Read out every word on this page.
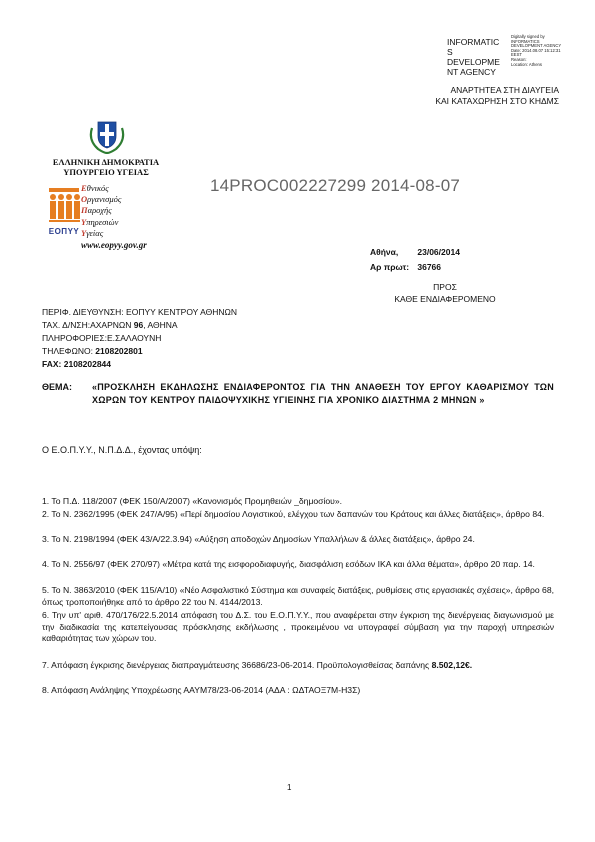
INFORMATIC
S
DEVELOPME
NT AGENCY
Digitally signed by
INFORMATICS
DEVELOPMENT AGENCY
Date: 2014.08.07 15:12:31
EEST
Reason:
Location: Athens
ΑΝΑΡΤΗΤΕΑ ΣΤΗ ΔΙΑΥΓΕΙΑ
ΚΑΙ ΚΑΤΑΧΩΡΗΣΗ ΣΤΟ ΚΗΔΜΣ
ΕΛΛΗΝΙΚΗ ΔΗΜΟΚΡΑΤΙΑ
ΥΠΟΥΡΓΕΙΟ ΥΓΕΙΑΣ
ΕΟΠΥΥ
Εθνικός
Οργανισμός
Παροχής
Υπηρεσιών
Υγείας
www.eopyy.gov.gr
14PROC002227299 2014-08-07
Αθήνα, 23/06/2014
Αρ πρωτ: 36766
ΠΡΟΣ
ΚΑΘΕ ΕΝΔΙΑΦΕΡΟΜΕΝΟ
ΠΕΡΙΦ. ΔΙΕΥΘΥΝΣΗ: ΕΟΠΥΥ ΚΕΝΤΡΟΥ ΑΘΗΝΩΝ
ΤΑΧ. Δ/ΝΣΗ:ΑΧΑΡΝΩΝ 96, ΑΘΗΝΑ
ΠΛΗΡΟΦΟΡΙΕΣ:Ε.ΣΑΛΑΟΥΝΗ
ΤΗΛΕΦΩΝΟ: 2108202801
FAX: 2108202844
ΘΕΜΑ: «ΠΡΟΣΚΛΗΣΗ ΕΚΔΗΛΩΣΗΣ ΕΝΔΙΑΦΕΡΟΝΤΟΣ ΓΙΑ ΤΗΝ ΑΝΑΘΕΣΗ ΤΟΥ ΕΡΓΟΥ ΚΑΘΑΡΙΣΜΟΥ ΤΩΝ ΧΩΡΩΝ ΤΟΥ ΚΕΝΤΡΟΥ ΠΑΙΔΟΨΥΧΙΚΗΣ ΥΓΙΕΙΝΗΣ ΓΙΑ ΧΡΟΝΙΚΟ ΔΙΑΣΤΗΜΑ 2 ΜΗΝΩΝ »
Ο Ε.Ο.Π.Υ.Υ., Ν.Π.Δ.Δ., έχοντας υπόψη:
1. Το Π.Δ. 118/2007 (ΦΕΚ 150/Α/2007) «Κανονισμός Προμηθειών _δημοσίου».
2. Το Ν. 2362/1995 (ΦΕΚ 247/Α/95) «Περί δημοσίου Λογιστικού, ελέγχου των δαπανών του Κράτους και άλλες διατάξεις», άρθρο 84.
3. Το Ν. 2198/1994 (ΦΕΚ 43/Α/22.3.94) «Αύξηση αποδοχών Δημοσίων Υπαλλήλων & άλλες διατάξεις», άρθρο 24.
4. Το Ν. 2556/97 (ΦΕΚ 270/97) «Μέτρα κατά της εισφοροδιαφυγής, διασφάλιση εσόδων ΙΚΑ και άλλα θέματα», άρθρο 20 παρ. 14.
5. Το Ν. 3863/2010 (ΦΕΚ 115/Α/10) «Νέο Ασφαλιστικό Σύστημα και συναφείς διατάξεις, ρυθμίσεις στις εργασιακές σχέσεις», άρθρο 68, όπως τροποποιήθηκε από το άρθρο 22 του Ν. 4144/2013.
6. Την υπ' αριθ. 470/176/22.5.2014 απόφαση του Δ.Σ. του Ε.Ο.Π.Υ.Υ., που αναφέρεται στην έγκριση της διενέργειας διαγωνισμού με την διαδικασία της κατεπείγουσας πρόσκλησης εκδήλωσης , προκειμένου να υπογραφεί σύμβαση για την παροχή υπηρεσιών καθαριότητας των χώρων του.
7. Απόφαση έγκρισης διενέργειας διαπραγμάτευσης 36686/23-06-2014. Προϋπολογισθείσας δαπάνης 8.502,12€.
8. Απόφαση Ανάληψης Υποχρέωσης ΑΑΥΜ78/23-06-2014 (ΑΔΑ : ΩΔΤΑΟΞ7Μ-Η3Σ)
1
